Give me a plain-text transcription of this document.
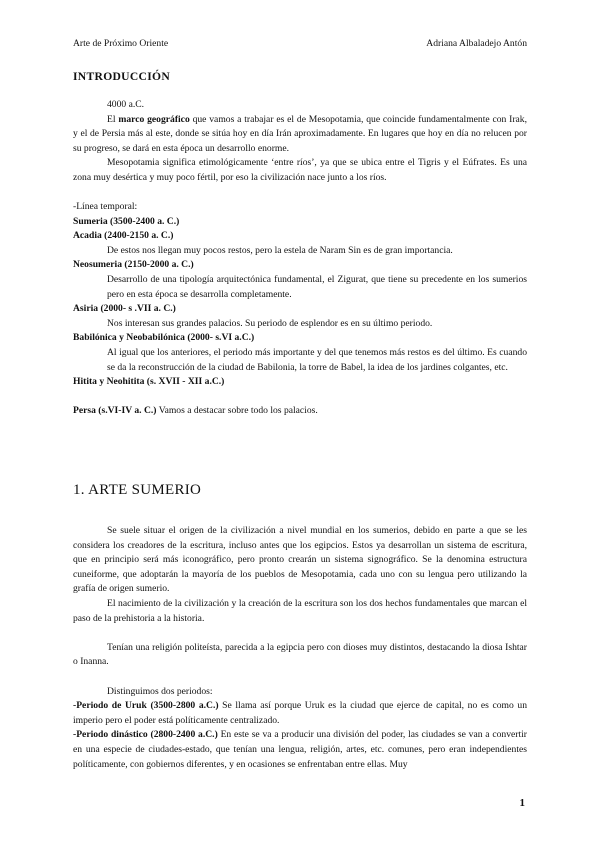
Arte de Próximo Oriente	Adriana Albaladejo Antón
INTRODUCCIÓN
4000 a.C.
El marco geográfico que vamos a trabajar es el de Mesopotamia, que coincide fundamentalmente con Irak, y el de Persia más al este, donde se sitúa hoy en día Irán aproximadamente. En lugares que hoy en día no relucen por su progreso, se dará en esta época un desarrollo enorme.
Mesopotamia significa etimológicamente ‘entre ríos’, ya que se ubica entre el Tigris y el Eúfrates. Es una zona muy desértica y muy poco fértil, por eso la civilización nace junto a los ríos.
-Línea temporal:
Sumeria (3500-2400 a. C.)
Acadia (2400-2150 a. C.)
De estos nos llegan muy pocos restos, pero la estela de Naram Sin es de gran importancia.
Neosumeria (2150-2000 a. C.)
Desarrollo de una tipología arquitectónica fundamental, el Zigurat, que tiene su precedente en los sumerios pero en esta época se desarrolla completamente.
Asiria (2000- s .VII a. C.)
Nos interesan sus grandes palacios. Su periodo de esplendor es en su último periodo.
Babilónica y Neobabilónica (2000- s.VI a.C.)
Al igual que los anteriores, el periodo más importante y del que tenemos más restos es del último. Es cuando se da la reconstrucción de la ciudad de Babilonia, la torre de Babel, la idea de los jardines colgantes, etc.
Hitita y Neohitita (s. XVII - XII a.C.)
Persa (s.VI-IV a. C.) Vamos a destacar sobre todo los palacios.
1. ARTE SUMERIO
Se suele situar el origen de la civilización a nivel mundial en los sumerios, debido en parte a que se les considera los creadores de la escritura, incluso antes que los egipcios. Estos ya desarrollan un sistema de escritura, que en principio será más iconográfico, pero pronto crearán un sistema signográfico. Se la denomina estructura cuneiforme, que adoptarán la mayoría de los pueblos de Mesopotamia, cada uno con su lengua pero utilizando la grafía de origen sumerio.
El nacimiento de la civilización y la creación de la escritura son los dos hechos fundamentales que marcan el paso de la prehistoria a la historia.
Tenían una religión politeísta, parecida a la egipcia pero con dioses muy distintos, destacando la diosa Ishtar o Inanna.
Distinguimos dos periodos:
-Periodo de Uruk (3500-2800 a.C.) Se llama así porque Uruk es la ciudad que ejerce de capital, no es como un imperio pero el poder está políticamente centralizado.
-Periodo dinástico (2800-2400 a.C.) En este se va a producir una división del poder, las ciudades se van a convertir en una especie de ciudades-estado, que tenían una lengua, religión, artes, etc. comunes, pero eran independientes políticamente, con gobiernos diferentes, y en ocasiones se enfrentaban entre ellas. Muy
1
